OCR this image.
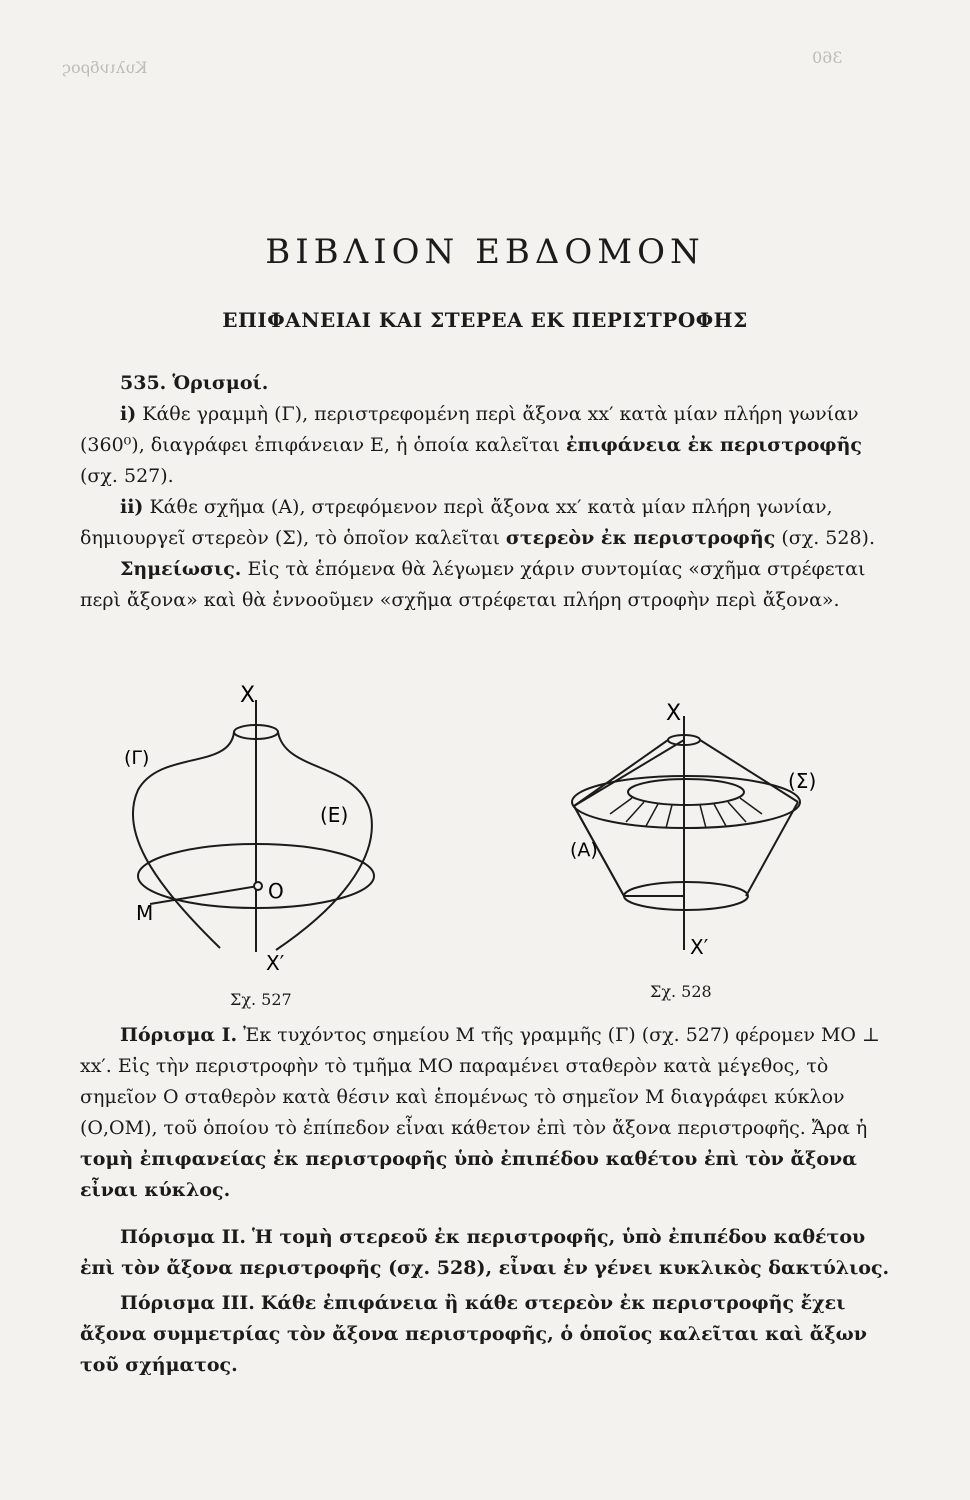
Κυλινδρος
360
ΒΙΒΛΙΟΝ ΕΒΔΟΜΟΝ
ΕΠΙΦΑΝΕΙΑΙ ΚΑΙ ΣΤΕΡΕΑ ΕΚ ΠΕΡΙΣΤΡΟΦΗΣ

535. Ὁρισμοί.

i) Κάθε γραμμὴ (Γ), περιστρεφομένη περὶ ἄξονα xx′ κατὰ μίαν πλήρη γωνίαν (360⁰), διαγράφει ἐπιφάνειαν Ε, ἡ ὁποία καλεῖται ἐπιφάνεια ἐκ περιστροφῆς (σχ. 527).

ii) Κάθε σχῆμα (Α), στρεφόμενον περὶ ἄξονα xx′ κατὰ μίαν πλήρη γωνίαν, δημιουργεῖ στερεὸν (Σ), τὸ ὁποῖον καλεῖται στερεὸν ἐκ περιστροφῆς (σχ. 528).

Σημείωσις. Εἰς τὰ ἑπόμενα θὰ λέγωμεν χάριν συντομίας «σχῆμα στρέφεται περὶ ἄξονα» καὶ θὰ ἐννοοῦμεν «σχῆμα στρέφεται πλήρη στροφὴν περὶ ἄξονα».

X
X′
(Γ)
(Ε)
Ο
Μ
Σχ. 527
X
X′
(Σ)
(Α)
Σχ. 528

Πόρισμα Ι. Ἐκ τυχόντος σημείου Μ τῆς γραμμῆς (Γ) (σχ. 527) φέρομεν ΜΟ ⊥ xx′. Εἰς τὴν περιστροφὴν τὸ τμῆμα ΜΟ παραμένει σταθερὸν κατὰ μέγεθος, τὸ σημεῖον Ο σταθερὸν κατὰ θέσιν καὶ ἑπομένως τὸ σημεῖον Μ διαγράφει κύκλον (Ο,ΟΜ), τοῦ ὁποίου τὸ ἐπίπεδον εἶναι κάθετον ἐπὶ τὸν ἄξονα περιστροφῆς. Ἄρα ἡ τομὴ ἐπιφανείας ἐκ περιστροφῆς ὑπὸ ἐπιπέδου καθέτου ἐπὶ τὸν ἄξονα εἶναι κύκλος.

Πόρισμα ΙΙ. Ἡ τομὴ στερεοῦ ἐκ περιστροφῆς, ὑπὸ ἐπιπέδου καθέτου ἐπὶ τὸν ἄξονα περιστροφῆς (σχ. 528), εἶναι ἐν γένει κυκλικὸς δακτύλιος.

Πόρισμα ΙΙΙ. Κάθε ἐπιφάνεια ἢ κάθε στερεὸν ἐκ περιστροφῆς ἔχει ἄξονα συμμετρίας τὸν ἄξονα περιστροφῆς, ὁ ὁποῖος καλεῖται καὶ ἄξων τοῦ σχήματος.
